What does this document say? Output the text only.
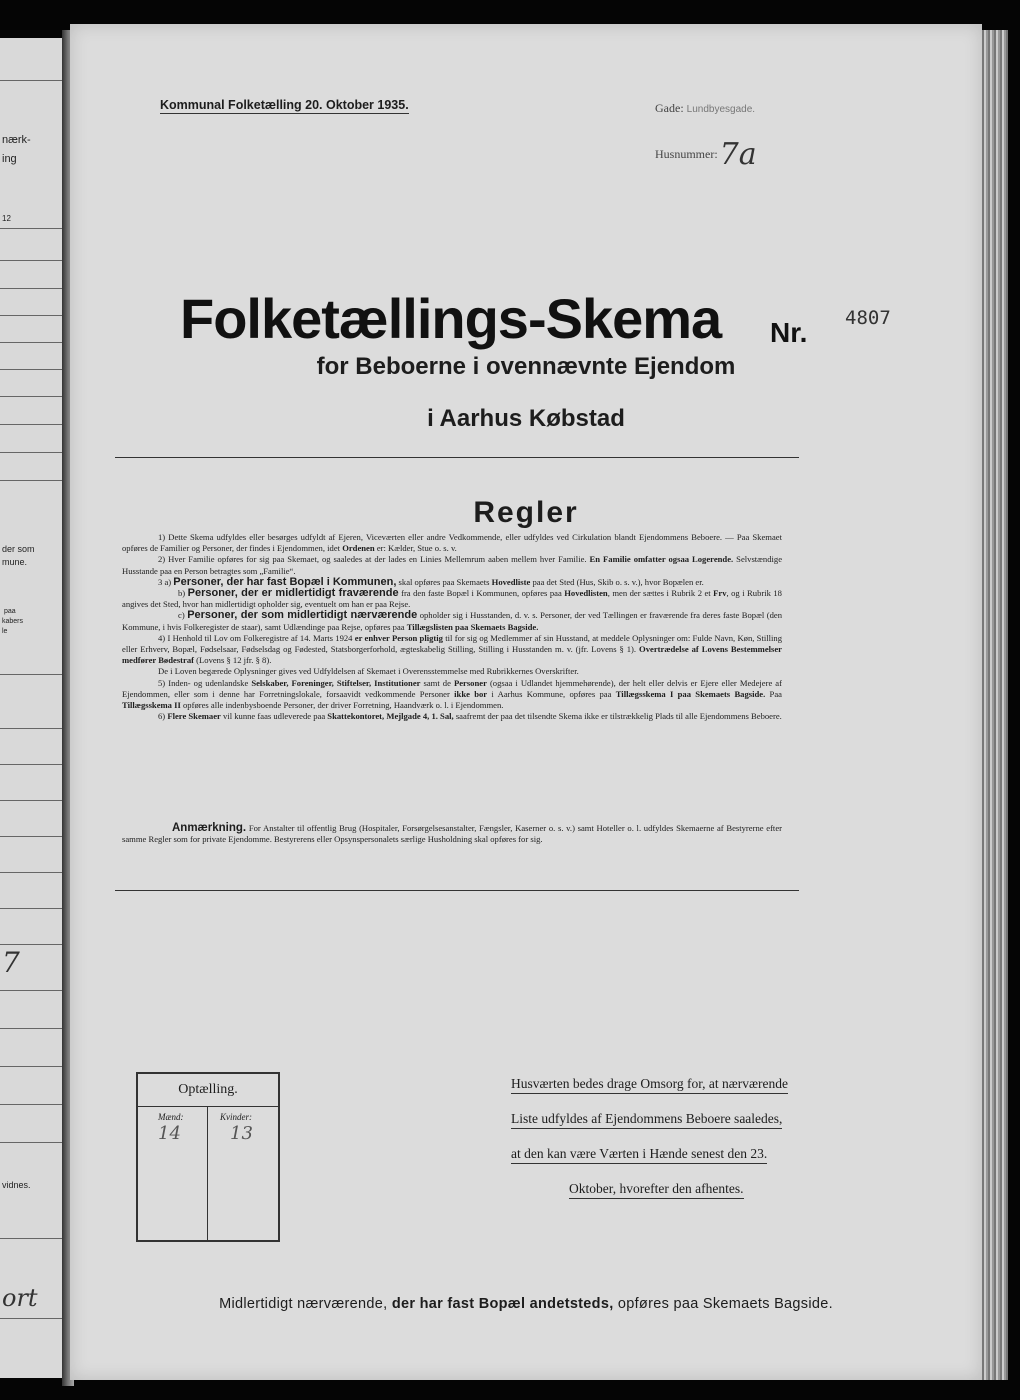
nærk-
ing
12
der som
mune.
paa
kabers
le
7
vidnes.
ort
Kommunal Folketælling 20. Oktober 1935.	Gade: Lundbyesgade.
Husnummer:7a
Folketællings-Skema Nr. 4807
for Beboerne i ovennævnte Ejendom
i Aarhus Købstad
Regler

1) Dette Skema udfyldes eller besørges udfyldt af Ejeren, Viceværten eller andre Vedkommende, eller udfyldes ved Cirkulation blandt Ejendommens Beboere. — Paa Skemaet opføres de Familier og Personer, der findes i Ejendommen, idet Ordenen er: Kælder, Stue o. s. v.

2) Hver Familie opføres for sig paa Skemaet, og saaledes at der lades en Linies Mellemrum aaben mellem hver Familie. En Familie omfatter ogsaa Logerende. Selvstændige Husstande paa en Person betragtes som „Familie“.

3 a) Personer, der har fast Bopæl i Kommunen, skal opføres paa Skemaets Hovedliste paa det Sted (Hus, Skib o. s. v.), hvor Bopælen er.

b) Personer, der er midlertidigt fraværende fra den faste Bopæl i Kommunen, opføres paa Hovedlisten, men der sættes i Rubrik 2 et Frv, og i Rubrik 18 angives det Sted, hvor han midlertidigt opholder sig, eventuelt om han er paa Rejse.

c) Personer, der som midlertidigt nærværende opholder sig i Husstanden, d. v. s. Personer, der ved Tællingen er fraværende fra deres faste Bopæl (den Kommune, i hvis Folkeregister de staar), samt Udlændinge paa Rejse, opføres paa Tillægslisten paa Skemaets Bagside.

4) I Henhold til Lov om Folkeregistre af 14. Marts 1924 er enhver Person pligtig til for sig og Medlemmer af sin Husstand, at meddele Oplysninger om: Fulde Navn, Køn, Stilling eller Erhverv, Bopæl, Fødselsaar, Fødselsdag og Fødested, Statsborgerforhold, ægteskabelig Stilling, Stilling i Husstanden m. v. (jfr. Lovens § 1). Overtrædelse af Lovens Bestemmelser medfører Bødestraf (Lovens § 12 jfr. § 8).

De i Loven begærede Oplysninger gives ved Udfyldelsen af Skemaet i Overensstemmelse med Rubrikkernes Overskrifter.

5) Inden- og udenlandske Selskaber, Foreninger, Stiftelser, Institutioner samt de Personer (ogsaa i Udlandet hjemmehørende), der helt eller delvis er Ejere eller Medejere af Ejendommen, eller som i denne har Forretningslokale, forsaavidt vedkommende Personer ikke bor i Aarhus Kommune, opføres paa Tillægsskema I paa Skemaets Bagside. Paa Tillægsskema II opføres alle indenbysboende Personer, der driver Forretning, Haandværk o. l. i Ejendommen.

6) Flere Skemaer vil kunne faas udleverede paa Skattekontoret, Mejlgade 4, 1. Sal, saafremt der paa det tilsendte Skema ikke er tilstrækkelig Plads til alle Ejendommens Beboere.

Anmærkning. For Anstalter til offentlig Brug (Hospitaler, Forsørgelsesanstalter, Fængsler, Kaserner o. s. v.) samt Hoteller o. l. udfyldes Skemaerne af Bestyrerne efter samme Regler som for private Ejendomme. Bestyrerens eller Opsynspersonalets særlige Husholdning skal opføres for sig.

Optælling.
Mænd:
14
Kvinder:
13
Husværten bedes drage Omsorg for, at nærværende
Liste udfyldes af Ejendommens Beboere saaledes,
at den kan være Værten i Hænde senest den 23.
Oktober, hvorefter den afhentes.
Midlertidigt nærværende, der har fast Bopæl andetsteds, opføres paa Skemaets Bagside.
